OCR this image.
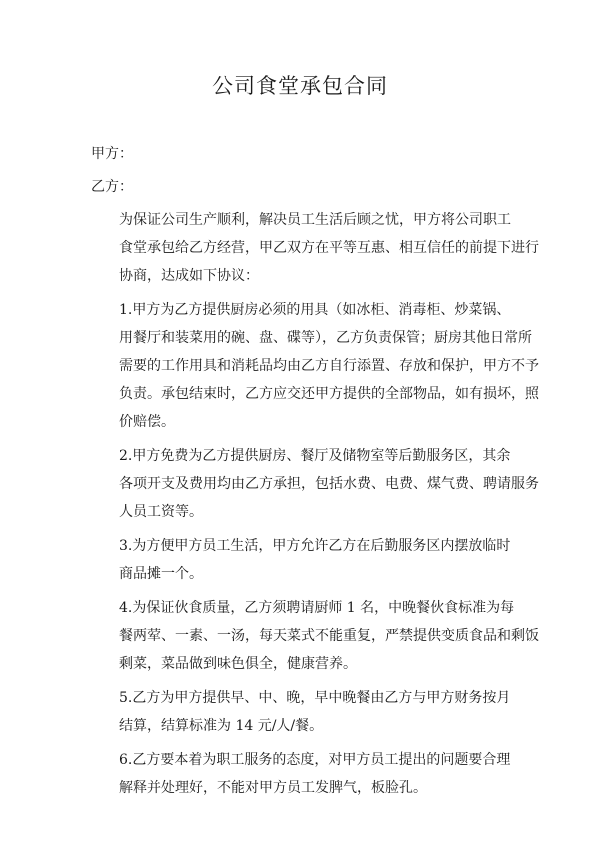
公司食堂承包合同

甲方：

乙方：

为保证公司生产顺利，解决员工生活后顾之忧，甲方将公司职工
食堂承包给乙方经营，甲乙双方在平等互惠、相互信任的前提下进行
协商，达成如下协议：
1.甲方为乙方提供厨房必须的用具（如冰柜、消毒柜、炒菜锅、
用餐厅和装菜用的碗、盘、碟等），乙方负责保管；厨房其他日常所
需要的工作用具和消耗品均由乙方自行添置、存放和保护，甲方不予
负责。承包结束时，乙方应交还甲方提供的全部物品，如有损坏，照
价赔偿。
2.甲方免费为乙方提供厨房、餐厅及储物室等后勤服务区，其余
各项开支及费用均由乙方承担，包括水费、电费、煤气费、聘请服务
人员工资等。
3.为方便甲方员工生活，甲方允许乙方在后勤服务区内摆放临时
商品摊一个。
4.为保证伙食质量，乙方须聘请厨师 1 名，中晚餐伙食标准为每
餐两荤、一素、一汤，每天菜式不能重复，严禁提供变质食品和剩饭
剩菜，菜品做到味色俱全，健康营养。
5.乙方为甲方提供早、中、晚，早中晚餐由乙方与甲方财务按月
结算，结算标准为 14 元/人/餐。
6.乙方要本着为职工服务的态度，对甲方员工提出的问题要合理
解释并处理好，不能对甲方员工发脾气，板脸孔。
